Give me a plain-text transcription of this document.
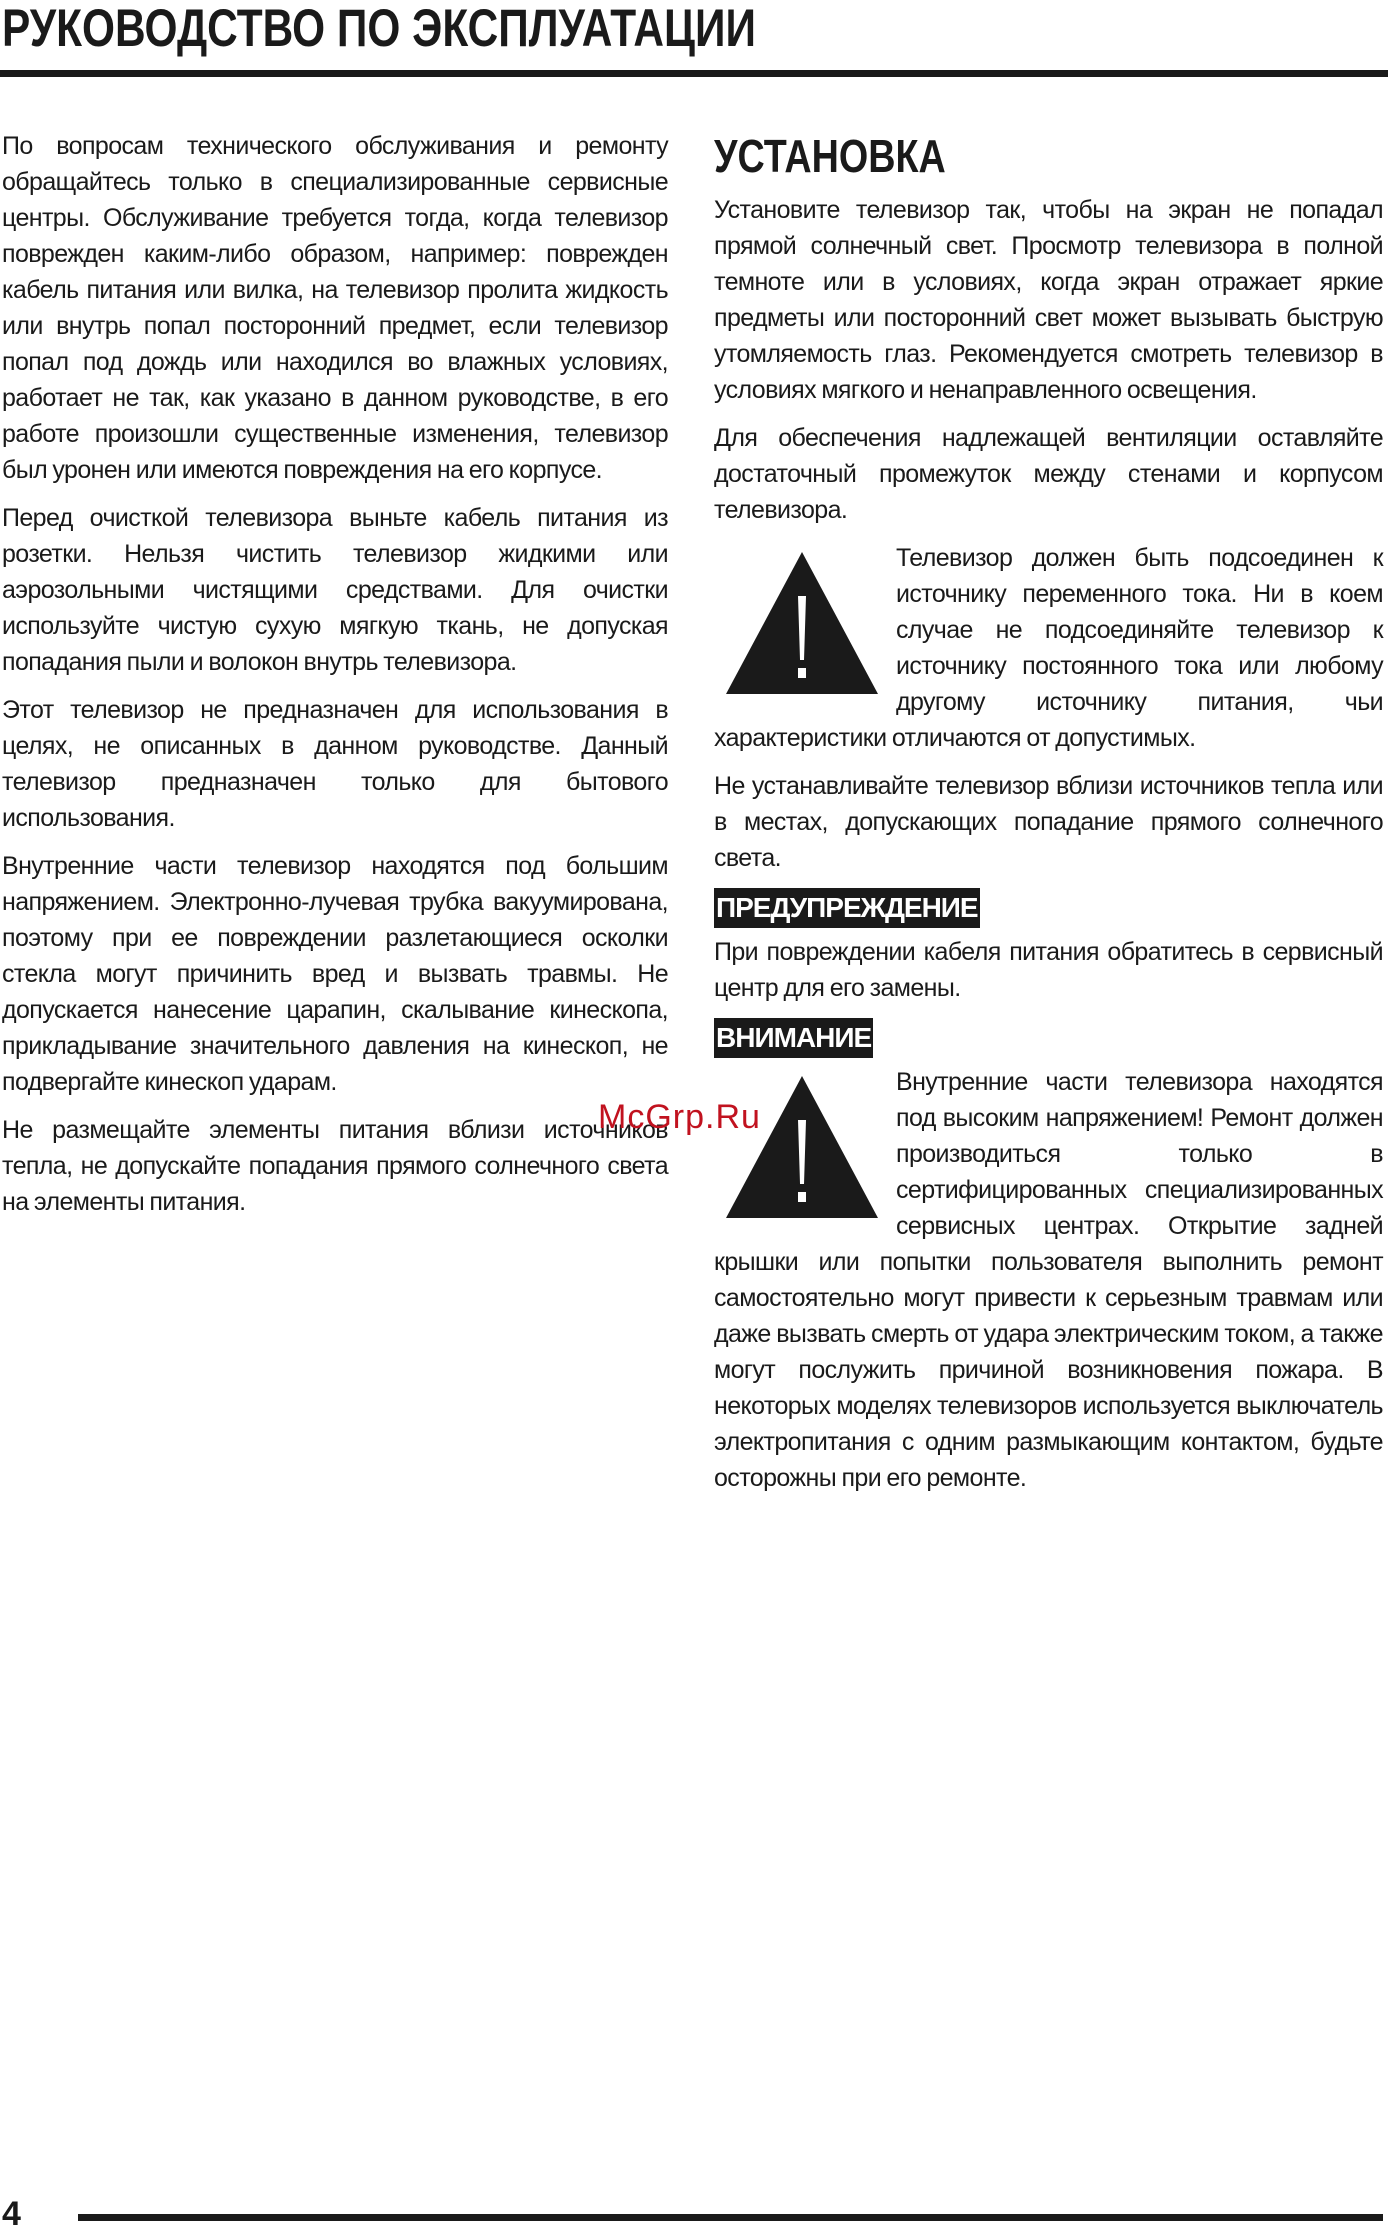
РУКОВОДСТВО ПО ЭКСПЛУАТАЦИИ

По вопросам технического обслуживания и ремонту обращайтесь только в специализированные сервисные центры. Обслуживание требуется тогда, когда телевизор поврежден каким-либо образом, например: поврежден кабель питания или вилка, на телевизор пролита жидкость или внутрь попал посторонний предмет, если телевизор попал под дождь или находился во влажных условиях, работает не так, как указано в данном руководстве, в его работе произошли существенные изменения, телевизор был уронен или имеются повреждения на его корпусе.

Перед очисткой телевизора выньте кабель питания из розетки. Нельзя чистить телевизор жидкими или аэрозольными чистящими средствами. Для очистки используйте чистую сухую мягкую ткань, не допуская попадания пыли и волокон внутрь телевизора.

Этот телевизор не предназначен для использования в целях, не описанных в данном руководстве. Данный телевизор предназначен только для бытового использования.

Внутренние части телевизор находятся под большим напряжением. Электронно-лучевая трубка вакуумирована, поэтому при ее повреждении разлетающиеся осколки стекла могут причинить вред и вызвать травмы. Не допускается нанесение царапин, скалывание кинескопа, прикладывание значительного давления на кинескоп, не подвергайте кинескоп ударам.

Не размещайте элементы питания вблизи источников тепла, не допускайте попадания прямого солнечного света на элементы питания.

УСТАНОВКА

Установите телевизор так, чтобы на экран не попадал прямой солнечный свет. Просмотр телевизора в полной темноте или в условиях, когда экран отражает яркие предметы или посторонний свет может вызывать быструю утомляемость глаз. Рекомендуется смотреть телевизор в условиях мягкого и ненаправленного освещения.

Для обеспечения надлежащей вентиляции оставляйте достаточный промежуток между стенами и корпусом телевизора.

Телевизор должен быть подсоединен к источнику переменного тока. Ни в коем случае не подсоединяйте телевизор к источнику постоянного тока или любому другому источнику питания, чьи характеристики отличаются от допустимых.

Не устанавливайте телевизор вблизи источников тепла или в местах, допускающих попадание прямого солнечного света.

ПРЕДУПРЕЖДЕНИЕ

При повреждении кабеля питания обратитесь в сервисный центр для его замены.

ВНИМАНИЕ

Внутренние части телевизора находятся под высоким напряжением! Ремонт должен производиться только в сертифицированных специализированных сервисных центрах. Открытие задней крышки или попытки пользователя выполнить ремонт самостоятельно могут привести к серьезным травмам или даже вызвать смерть от удара электрическим током, а также могут послужить причиной возникновения пожара. В некоторых моделях телевизоров используется выключатель электропитания с одним размыкающим контактом, будьте осторожны при его ремонте.

McGrp.Ru
4
